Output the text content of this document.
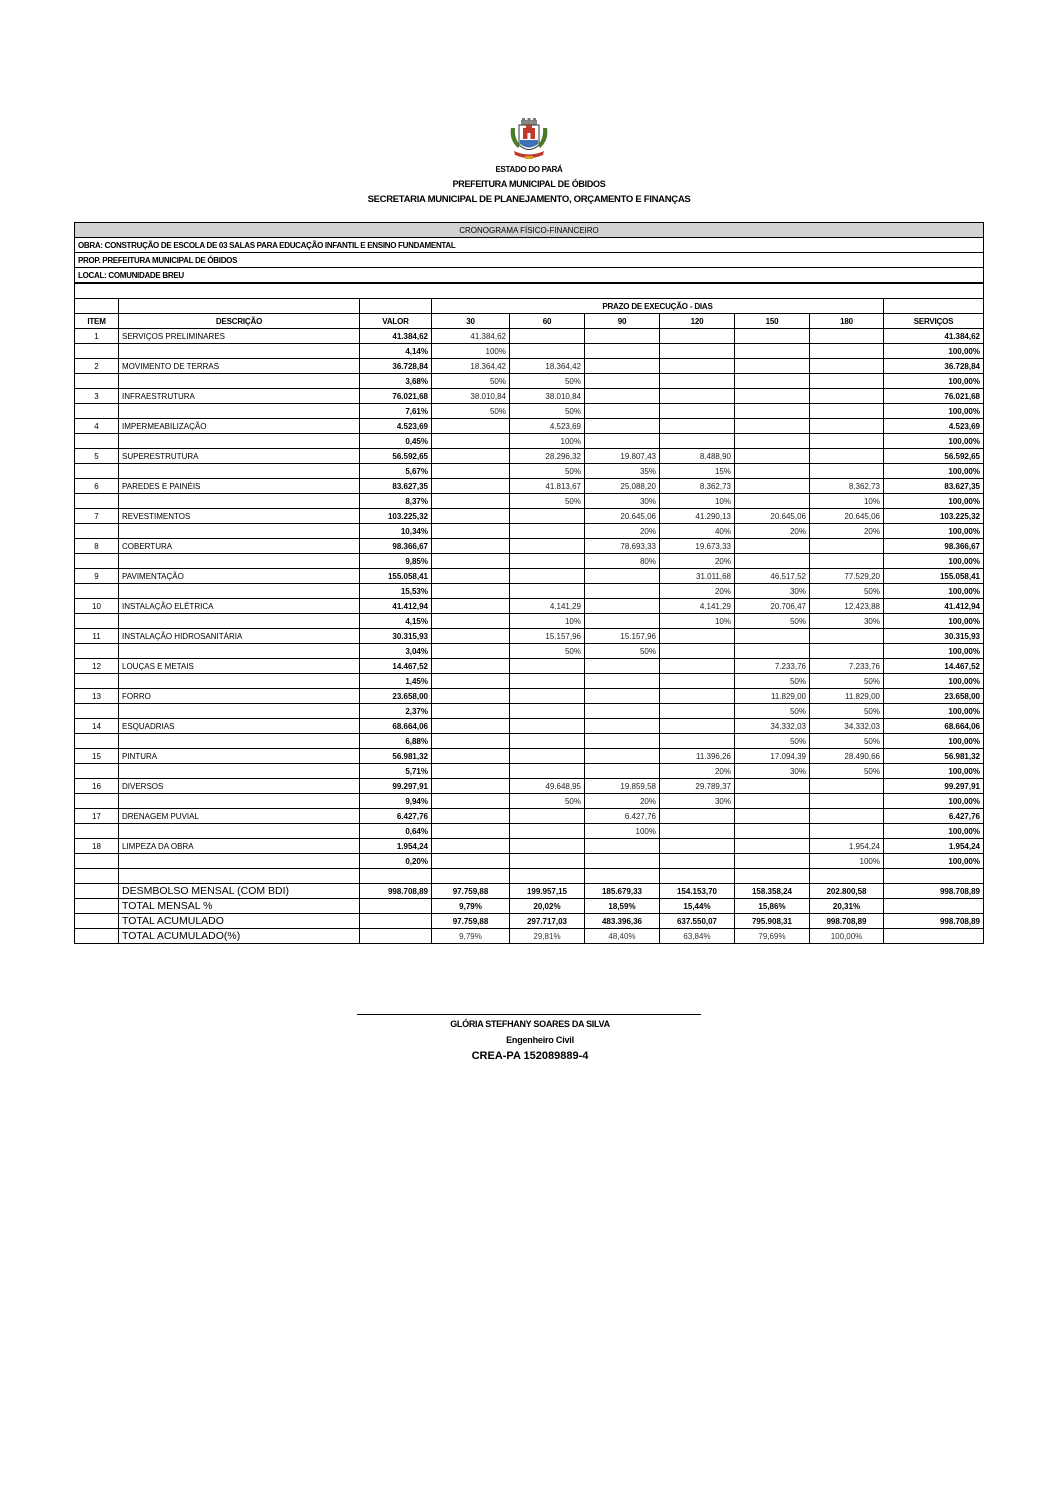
ESTADO DO PARÁ
PREFEITURA MUNICIPAL DE ÓBIDOS
SECRETARIA MUNICIPAL DE PLANEJAMENTO, ORÇAMENTO E FINANÇAS
CRONOGRAMA FÍSICO-FINANCEIRO									
OBRA: CONSTRUÇÃO DE ESCOLA DE 03 SALAS PARA EDUCAÇÃO INFANTIL E ENSINO FUNDAMENTAL									
PROP. PREFEITURA MUNICIPAL DE ÓBIDOS									
LOCAL: COMUNIDADE BREU									

			PRAZO DE EXECUÇÃO - DIAS						
ITEM	DESCRIÇÃO	VALOR	30	60	90	120	150	180	SERVIÇOS
1	SERVIÇOS PRELIMINARES	41.384,62	41.384,62						41.384,62
		4,14%	100%						100,00%
2	MOVIMENTO DE TERRAS	36.728,84	18.364,42	18.364,42					36.728,84
		3,68%	50%	50%					100,00%
3	INFRAESTRUTURA	76.021,68	38.010,84	38.010,84					76.021,68
		7,61%	50%	50%					100,00%
4	IMPERMEABILIZAÇÃO	4.523,69		4.523,69					4.523,69
		0,45%		100%					100,00%
5	SUPERESTRUTURA	56.592,65		28.296,32	19.807,43	8.488,90			56.592,65
		5,67%		50%	35%	15%			100,00%
6	PAREDES E PAINÉIS	83.627,35		41.813,67	25.088,20	8.362,73		8.362,73	83.627,35
		8,37%		50%	30%	10%		10%	100,00%
7	REVESTIMENTOS	103.225,32			20.645,06	41.290,13	20.645,06	20.645,06	103.225,32
		10,34%			20%	40%	20%	20%	100,00%
8	COBERTURA	98.366,67			78.693,33	19.673,33			98.366,67
		9,85%			80%	20%			100,00%
9	PAVIMENTAÇÃO	155.058,41				31.011,68	46.517,52	77.529,20	155.058,41
		15,53%				20%	30%	50%	100,00%
10	INSTALAÇÃO ELÉTRICA	41.412,94		4.141,29		4.141,29	20.706,47	12.423,88	41.412,94
		4,15%		10%		10%	50%	30%	100,00%
11	INSTALAÇÃO HIDROSANITÁRIA	30.315,93		15.157,96	15.157,96				30.315,93
		3,04%		50%	50%				100,00%
12	LOUÇAS E METAIS	14.467,52					7.233,76	7.233,76	14.467,52
		1,45%					50%	50%	100,00%
13	FORRO	23.658,00					11.829,00	11.829,00	23.658,00
		2,37%					50%	50%	100,00%
14	ESQUADRIAS	68.664,06					34.332,03	34.332,03	68.664,06
		6,88%					50%	50%	100,00%
15	PINTURA	56.981,32				11.396,26	17.094,39	28.490,66	56.981,32
		5,71%				20%	30%	50%	100,00%
16	DIVERSOS	99.297,91		49.648,95	19.859,58	29.789,37			99.297,91
		9,94%		50%	20%	30%			100,00%
17	DRENAGEM PUVIAL	6.427,76			6.427,76				6.427,76
		0,64%			100%				100,00%
18	LIMPEZA DA OBRA	1.954,24						1.954,24	1.954,24
		0,20%						100%	100,00%

	DESMBOLSO MENSAL (COM BDI)	998.708,89	97.759,88	199.957,15	185.679,33	154.153,70	158.358,24	202.800,58	998.708,89
	TOTAL MENSAL %		9,79%	20,02%	18,59%	15,44%	15,86%	20,31%	
	TOTAL ACUMULADO		97.759,88	297.717,03	483.396,36	637.550,07	795.908,31	998.708,89	998.708,89
	TOTAL ACUMULADO(%)		9,79%	29,81%	48,40%	63,84%	79,69%	100,00%	
GLÓRIA STEFHANY SOARES DA SILVA
Engenheiro Civil
CREA-PA 152089889-4
